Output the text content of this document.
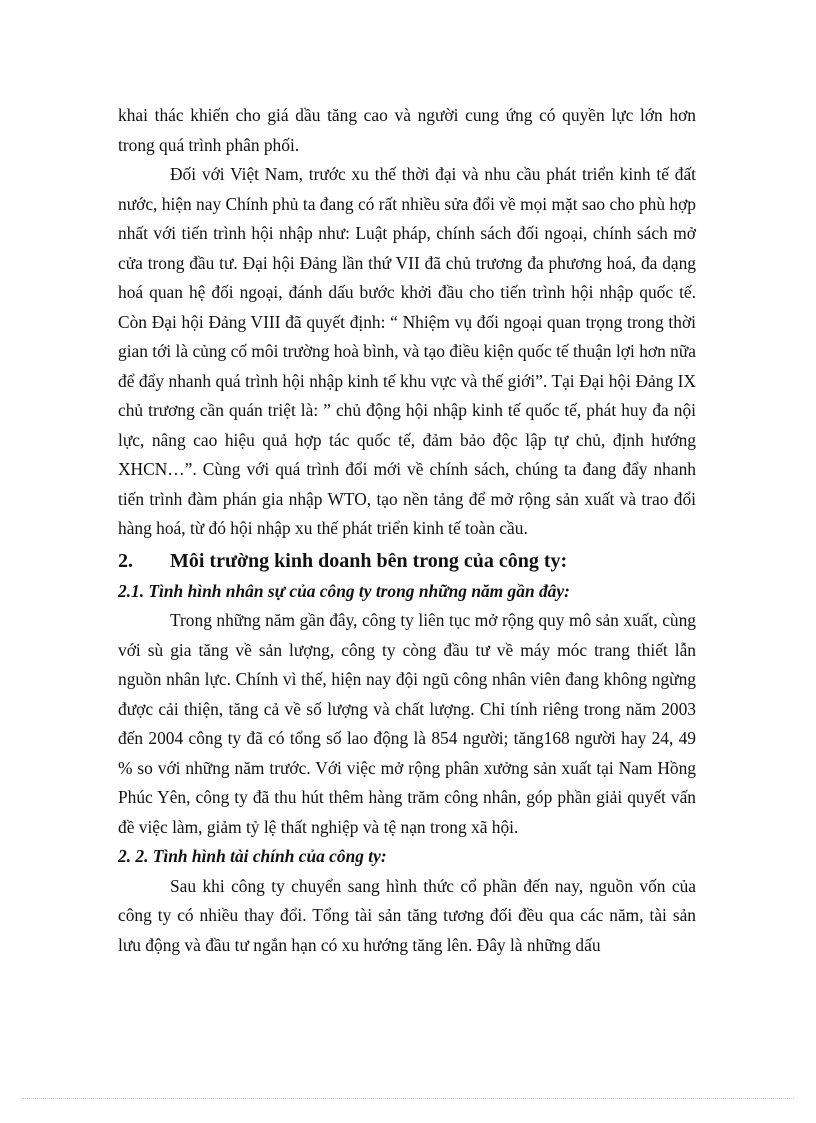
khai thác khiến cho giá dầu tăng cao và người cung ứng có quyền lực lớn hơn trong quá trình phân phối.

Đối với Việt Nam, trước xu thế thời đại và nhu cầu phát triển kinh tế đất nước, hiện nay Chính phủ ta đang có rất nhiều sửa đổi về mọi mặt sao cho phù hợp nhất với tiến trình hội nhập như: Luật pháp, chính sách đối ngoại, chính sách mở cửa trong đầu tư. Đại hội Đảng lần thứ VII đã chủ trương đa phương hoá, đa dạng hoá quan hệ đối ngoại, đánh dấu bước khởi đầu cho tiến trình hội nhập quốc tế. Còn Đại hội Đảng VIII đã quyết định: “ Nhiệm vụ đối ngoại quan trọng trong thời gian tới là củng cố môi trường hoà bình, và tạo điều kiện quốc tế thuận lợi hơn nữa để đẩy nhanh quá trình hội nhập kinh tế khu vực và thế giới”. Tại Đại hội Đảng IX chủ trương cần quán triệt là: ” chủ động hội nhập kinh tế quốc tế, phát huy đa nội lực, nâng cao hiệu quả hợp tác quốc tế, đảm bảo độc lập tự chủ, định hướng XHCN…”. Cùng với quá trình đổi mới về chính sách, chúng ta đang đẩy nhanh tiến trình đàm phán gia nhập WTO, tạo nền tảng để mở rộng sản xuất và trao đổi hàng hoá, từ đó hội nhập xu thế phát triển kinh tế toàn cầu.

2.	Môi trường kinh doanh bên trong của công ty:

2.1. Tình hình nhân sự của công ty trong những năm gần đây:

Trong những năm gần đây, công ty liên tục mở rộng quy mô sản xuất, cùng với sù gia tăng về sản lượng, công ty còng đầu tư về máy móc trang thiết lẫn nguồn nhân lực. Chính vì thế, hiện nay đội ngũ công nhân viên đang không ngừng được cải thiện, tăng cả về số lượng và chất lượng. Chỉ tính riêng trong năm 2003 đến 2004 công ty đã có tổng số lao động là 854 người; tăng168 người hay 24, 49 % so với những năm trước. Với việc mở rộng phân xưởng sản xuất tại Nam Hồng Phúc Yên, công ty đã thu hút thêm hàng trăm công nhân, góp phần giải quyết vấn đề việc làm, giảm tỷ lệ thất nghiệp và tệ nạn trong xã hội.

2. 2. Tình hình tài chính của công ty:

Sau khi công ty chuyển sang hình thức cổ phần đến nay, nguồn vốn của công ty có nhiều thay đổi. Tổng tài sản tăng tương đối đều qua các năm, tài sản lưu động và đầu tư ngắn hạn có xu hướng tăng lên. Đây là những dấu
